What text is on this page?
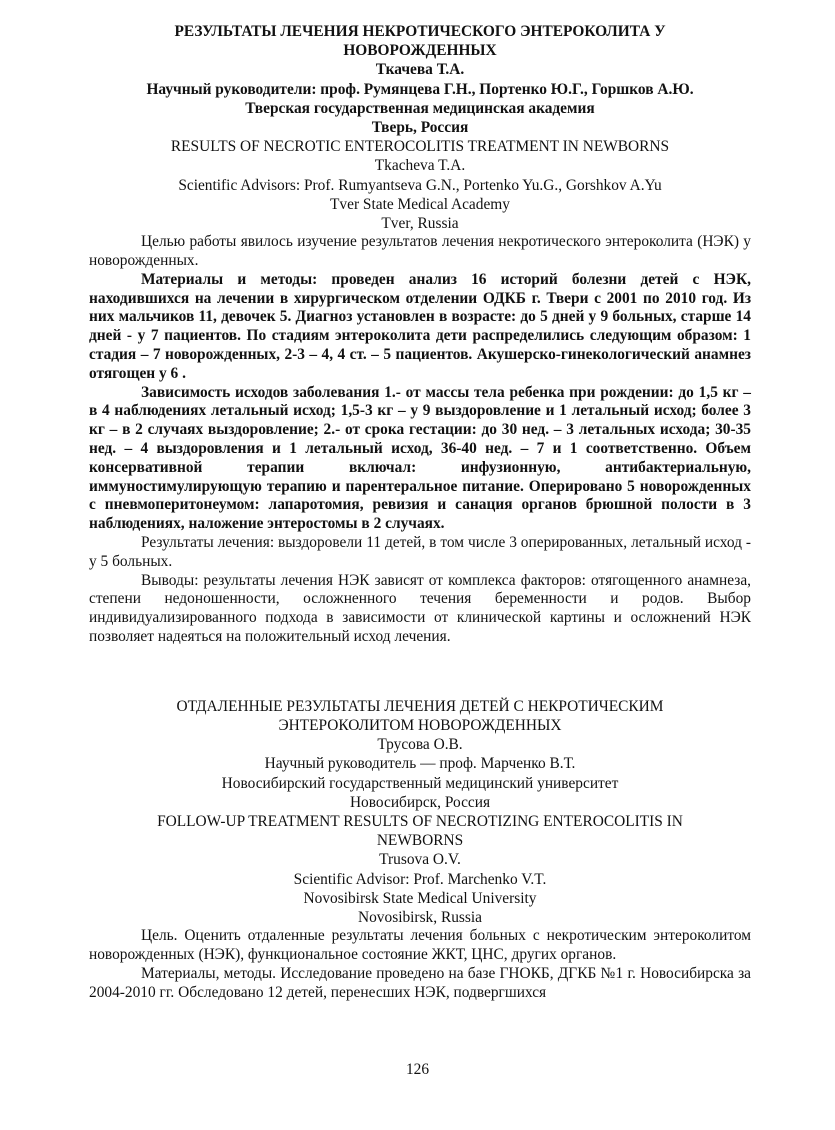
РЕЗУЛЬТАТЫ ЛЕЧЕНИЯ НЕКРОТИЧЕСКОГО ЭНТЕРОКОЛИТА У НОВОРОЖДЕННЫХ

Ткачева Т.А.

Научный руководители: проф. Румянцева Г.Н., Портенко Ю.Г., Горшков А.Ю.

Тверская государственная медицинская академия

Тверь, Россия

RESULTS OF NECROTIC ENTEROCOLITIS TREATMENT IN NEWBORNS

Tkacheva T.A.

Scientific Advisors: Prof. Rumyantseva G.N., Portenko Yu.G., Gorshkov A.Yu

Tver State Medical Academy

Tver, Russia

Целью работы явилось изучение результатов лечения некротического энтероколита (НЭК) у новорожденных.

Материалы и методы: проведен анализ 16 историй болезни детей с НЭК, находившихся на лечении в хирургическом отделении ОДКБ г. Твери с 2001 по 2010 год. Из них мальчиков 11, девочек 5. Диагноз установлен в возрасте: до 5 дней у 9 больных, старше 14 дней - у 7 пациентов. По стадиям энтероколита дети распределились следующим образом: 1 стадия – 7 новорожденных, 2-3 – 4, 4 ст. – 5 пациентов. Акушерско-гинекологический анамнез отягощен у 6 .

Зависимость исходов заболевания 1.- от массы тела ребенка при рождении: до 1,5 кг – в 4 наблюдениях летальный исход; 1,5-3 кг – у 9 выздоровление и 1 летальный исход; более 3 кг – в 2 случаях выздоровление; 2.- от срока гестации: до 30 нед. – 3 летальных исхода; 30-35 нед. – 4 выздоровления и 1 летальный исход, 36-40 нед. – 7 и 1 соответственно. Объем консервативной терапии включал: инфузионную, антибактериальную, иммуностимулирующую терапию и парентеральное питание. Оперировано 5 новорожденных с пневмоперитонеумом: лапаротомия, ревизия и санация органов брюшной полости в 3 наблюдениях, наложение энтеростомы в 2 случаях.

Результаты лечения: выздоровели 11 детей, в том числе 3 оперированных, летальный исход - у 5 больных.

Выводы: результаты лечения НЭК зависят от комплекса факторов: отягощенного анамнеза, степени недоношенности, осложненного течения беременности и родов. Выбор индивидуализированного подхода в зависимости от клинической картины и осложнений НЭК позволяет надеяться на положительный исход лечения.

ОТДАЛЕННЫЕ РЕЗУЛЬТАТЫ ЛЕЧЕНИЯ ДЕТЕЙ С НЕКРОТИЧЕСКИМ ЭНТЕРОКОЛИТОМ НОВОРОЖДЕННЫХ

Трусова О.В.

Научный руководитель — проф. Марченко В.Т.

Новосибирский государственный медицинский университет

Новосибирск, Россия

FOLLOW-UP TREATMENT RESULTS OF NECROTIZING ENTEROCOLITIS IN NEWBORNS

Trusova O.V.

Scientific Advisor: Prof. Marchenko V.T.

Novosibirsk State Medical University

Novosibirsk, Russia

Цель. Оценить отдаленные результаты лечения больных с некротическим энтероколитом новорожденных (НЭК), функциональное состояние ЖКТ, ЦНС, других органов.

Материалы, методы. Исследование проведено на базе ГНОКБ, ДГКБ №1 г. Новосибирска за 2004-2010 гг. Обследовано 12 детей, перенесших НЭК, подвергшихся

126
